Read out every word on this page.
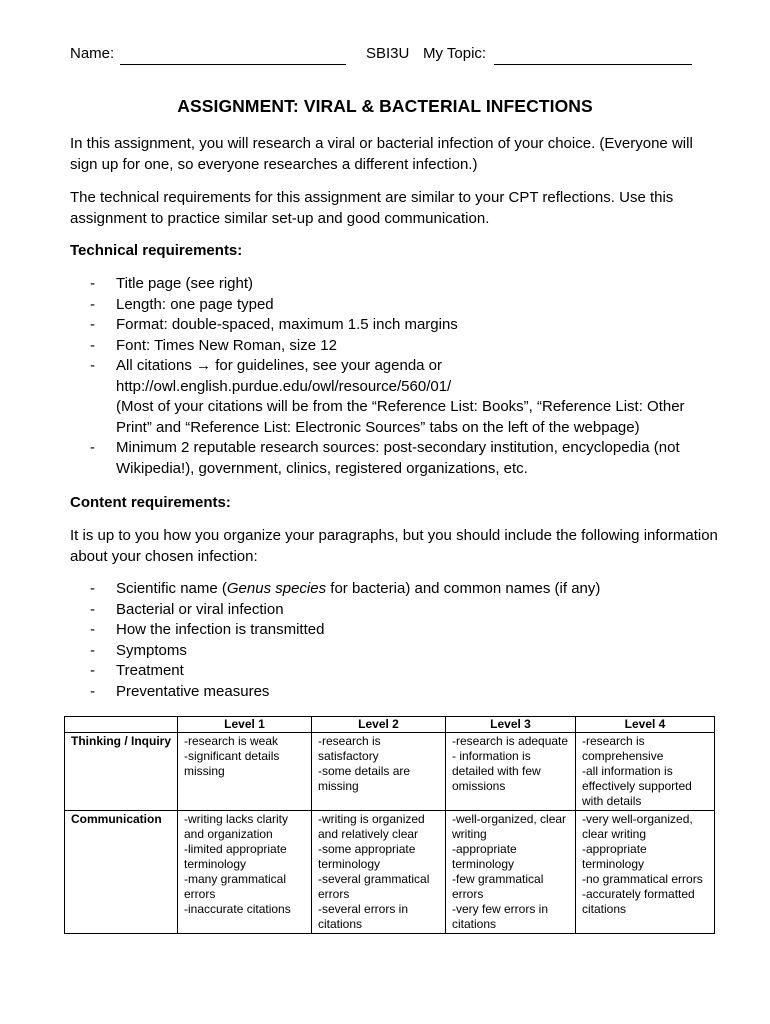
Name:	SBI3U My Topic:
ASSIGNMENT: VIRAL & BACTERIAL INFECTIONS

In this assignment, you will research a viral or bacterial infection of your choice. (Everyone will sign up for one, so everyone researches a different infection.)

The technical requirements for this assignment are similar to your CPT reflections. Use this assignment to practice similar set-up and good communication.

Technical requirements:

- Title page (see right)
- Length: one page typed
- Format: double-spaced, maximum 1.5 inch margins
- Font: Times New Roman, size 12
- All citations → for guidelines, see your agenda or
http://owl.english.purdue.edu/owl/resource/560/01/
(Most of your citations will be from the “Reference List: Books”, “Reference List: Other Print” and “Reference List: Electronic Sources” tabs on the left of the webpage)
- Minimum 2 reputable research sources: post-secondary institution, encyclopedia (not Wikipedia!), government, clinics, registered organizations, etc.

Content requirements:

It is up to you how you organize your paragraphs, but you should include the following information about your chosen infection:

- Scientific name (Genus species for bacteria) and common names (if any)
- Bacterial or viral infection
- How the infection is transmitted
- Symptoms
- Treatment
- Preventative measures
	Level 1	Level 2	Level 3	Level 4
Thinking / Inquiry	-research is weak
-significant details missing	-research is satisfactory
-some details are missing	-research is adequate
- information is detailed with few omissions	-research is comprehensive
-all information is effectively supported with details

Communication	-writing lacks clarity and organization
-limited appropriate terminology
-many grammatical errors
-inaccurate citations	-writing is organized and relatively clear
-some appropriate terminology
-several grammatical errors
-several errors in citations	-well-organized, clear writing
-appropriate terminology
-few grammatical errors
-very few errors in citations	-very well-organized, clear writing
-appropriate terminology
-no grammatical errors
-accurately formatted citations
